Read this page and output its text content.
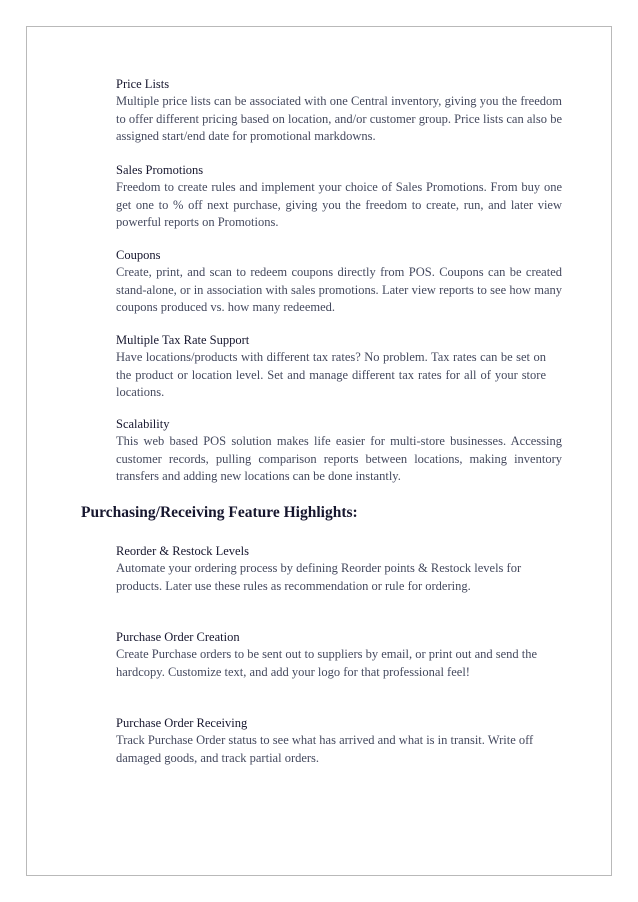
Price Lists

Multiple price lists can be associated with one Central inventory, giving you the freedom to offer different pricing based on location, and/or customer group. Price lists can also be assigned start/end date for promotional markdowns.

Sales Promotions

Freedom to create rules and implement your choice of Sales Promotions. From buy one get one to % off next purchase, giving you the freedom to create, run, and later view powerful reports on Promotions.

Coupons

Create, print, and scan to redeem coupons directly from POS. Coupons can be created stand-alone, or in association with sales promotions. Later view reports to see how many coupons produced vs. how many redeemed.

Multiple Tax Rate Support

Have locations/products with different tax rates? No problem. Tax rates can be set on the product or location level. Set and manage different tax rates for all of your store locations.

Scalability

This web based POS solution makes life easier for multi-store businesses. Accessing customer records, pulling comparison reports between locations, making inventory transfers and adding new locations can be done instantly.

Purchasing/Receiving Feature Highlights:

Reorder & Restock Levels

Automate your ordering process by defining Reorder points & Restock levels for products. Later use these rules as recommendation or rule for ordering.

Purchase Order Creation

Create Purchase orders to be sent out to suppliers by email, or print out and send the hardcopy. Customize text, and add your logo for that professional feel!

Purchase Order Receiving

Track Purchase Order status to see what has arrived and what is in transit. Write off damaged goods, and track partial orders.
